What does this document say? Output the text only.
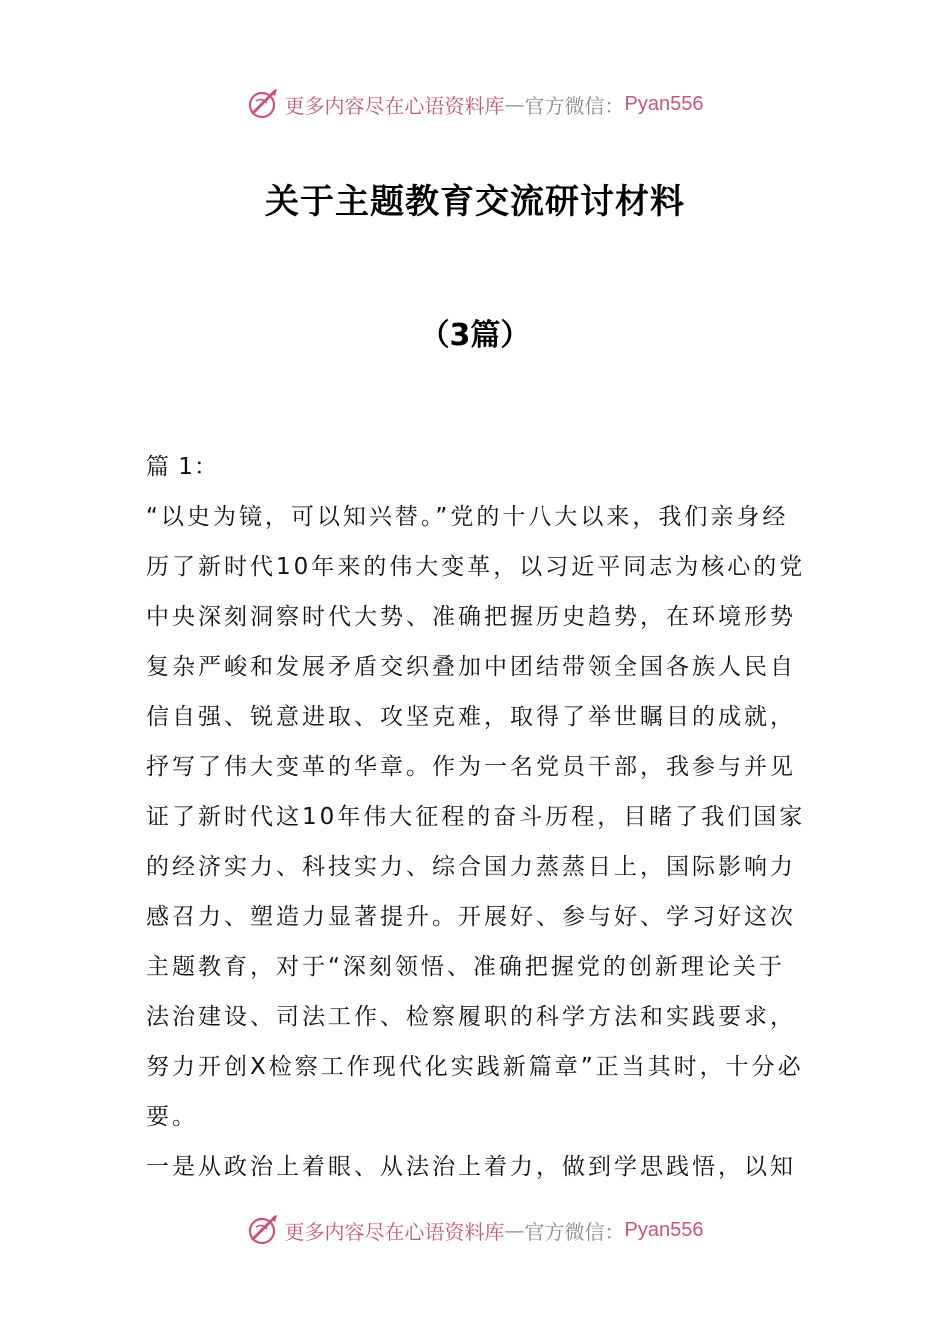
更多内容尽在心语资料库 — 官方微信： Pyan556
关于主题教育交流研讨材料
（3篇）
篇 1：
“以史为镜，可以知兴替。”党的十八大以来，我们亲身经
历了新时代10年来的伟大变革，以习近平同志为核心的党
中央深刻洞察时代大势、准确把握历史趋势，在环境形势
复杂严峻和发展矛盾交织叠加中团结带领全国各族人民自
信自强、锐意进取、攻坚克难，取得了举世瞩目的成就，
抒写了伟大变革的华章。作为一名党员干部，我参与并见
证了新时代这10年伟大征程的奋斗历程，目睹了我们国家
的经济实力、科技实力、综合国力蒸蒸日上，国际影响力
感召力、塑造力显著提升。开展好、参与好、学习好这次
主题教育，对于“深刻领悟、准确把握党的创新理论关于
法治建设、司法工作、检察履职的科学方法和实践要求，
努力开创X检察工作现代化实践新篇章”正当其时，十分必
要。
一是从政治上着眼、从法治上着力，做到学思践悟，以知
更多内容尽在心语资料库 — 官方微信： Pyan556
